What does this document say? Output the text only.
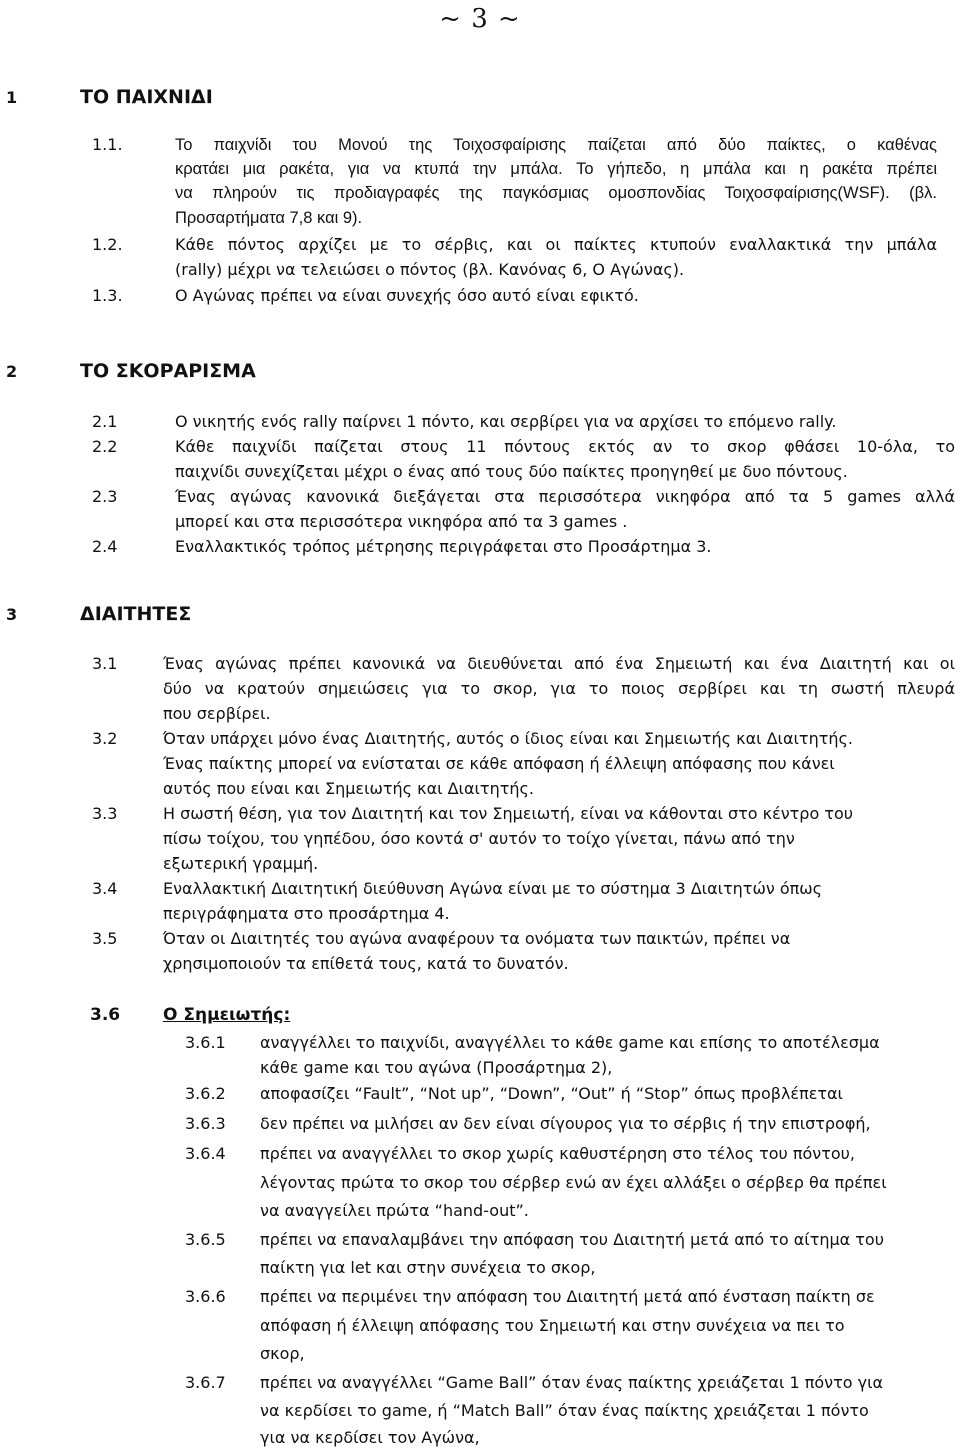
~ 3 ~
1	ΤΟ ΠΑΙΧΝΙΔΙ
1.1.	Το παιχνίδι του Μονού της Τοιχοσφαίρισης παίζεται από δύο παίκτες, ο καθένας
κρατάει μια ρακέτα, για να κτυπά την μπάλα. Το γήπεδο, η μπάλα και η ρακέτα πρέπει
να πληρούν τις προδιαγραφές της παγκόσμιας ομοσπονδίας Τοιχοσφαίρισης(WSF). (βλ.
Προσαρτήματα 7,8 και 9).
1.2.	Κάθε πόντος αρχίζει με το σέρβις, και οι παίκτες κτυπούν εναλλακτικά την μπάλα
(rally) μέχρι να τελειώσει ο πόντος (βλ. Κανόνας 6, Ο Αγώνας).
1.3.	Ο Αγώνας πρέπει να είναι συνεχής όσο αυτό είναι εφικτό.
2	ΤΟ ΣΚΟΡΑΡΙΣΜΑ
2.1	Ο νικητής ενός rally παίρνει 1 πόντο, και σερβίρει για να αρχίσει το επόμενο rally.
2.2	Κάθε παιχνίδι παίζεται στους 11 πόντους εκτός αν το σκορ φθάσει 10-όλα, το
παιχνίδι συνεχίζεται μέχρι ο ένας από τους δύο παίκτες προηγηθεί με δυο πόντους.
2.3	Ένας αγώνας κανονικά διεξάγεται στα περισσότερα νικηφόρα από τα 5 games αλλά
μπορεί και στα περισσότερα νικηφόρα από τα 3 games .
2.4	Εναλλακτικός τρόπος μέτρησης περιγράφεται στο Προσάρτημα 3.
3	ΔΙΑΙΤΗΤΕΣ
3.1	Ένας αγώνας πρέπει κανονικά να διευθύνεται από ένα Σημειωτή και ένα Διαιτητή και οι
δύο να κρατούν σημειώσεις για το σκορ, για το ποιος σερβίρει και τη σωστή πλευρά
που σερβίρει.
3.2	Όταν υπάρχει μόνο ένας Διαιτητής, αυτός ο ίδιος είναι και Σημειωτής και Διαιτητής.
Ένας παίκτης μπορεί να ενίσταται σε κάθε απόφαση ή έλλειψη απόφασης που κάνει
αυτός που είναι και Σημειωτής και Διαιτητής.
3.3	Η σωστή θέση, για τον Διαιτητή και τον Σημειωτή, είναι να κάθονται στο κέντρο του
πίσω τοίχου, του γηπέδου, όσο κοντά σ' αυτόν το τοίχο γίνεται, πάνω από την
εξωτερική γραμμή.
3.4	Εναλλακτική Διαιτητική διεύθυνση Αγώνα είναι με το σύστημα 3 Διαιτητών όπως
περιγράφηματα στο προσάρτημα 4.
3.5	Όταν οι Διαιτητές του αγώνα αναφέρουν τα ονόματα των παικτών, πρέπει να
χρησιμοποιούν τα επίθετά τους, κατά το δυνατόν.
3.6	Ο Σημειωτής:
3.6.1 αναγγέλλει το παιχνίδι, αναγγέλλει το κάθε game και επίσης το αποτέλεσμα
κάθε game και του αγώνα (Προσάρτημα 2),
3.6.2 αποφασίζει “Fault”, “Not up”, “Down”, “Out” ή “Stop” όπως προβλέπεται
3.6.3 δεν πρέπει να μιλήσει αν δεν είναι σίγουρος για το σέρβις ή την επιστροφή,
3.6.4 πρέπει να αναγγέλλει το σκορ χωρίς καθυστέρηση στο τέλος του πόντου,
λέγοντας πρώτα το σκορ του σέρβερ ενώ αν έχει αλλάξει ο σέρβερ θα πρέπει
να αναγγείλει πρώτα “hand-out”.
3.6.5 πρέπει να επαναλαμβάνει την απόφαση του Διαιτητή μετά από το αίτημα του
παίκτη για let και στην συνέχεια το σκορ,
3.6.6 πρέπει να περιμένει την απόφαση του Διαιτητή μετά από ένσταση παίκτη σε
απόφαση ή έλλειψη απόφασης του Σημειωτή και στην συνέχεια να πει το
σκορ,
3.6.7 πρέπει να αναγγέλλει “Game Ball” όταν ένας παίκτης χρειάζεται 1 πόντο για
να κερδίσει το game, ή “Match Ball” όταν ένας παίκτης χρειάζεται 1 πόντο
για να κερδίσει τον Αγώνα,
